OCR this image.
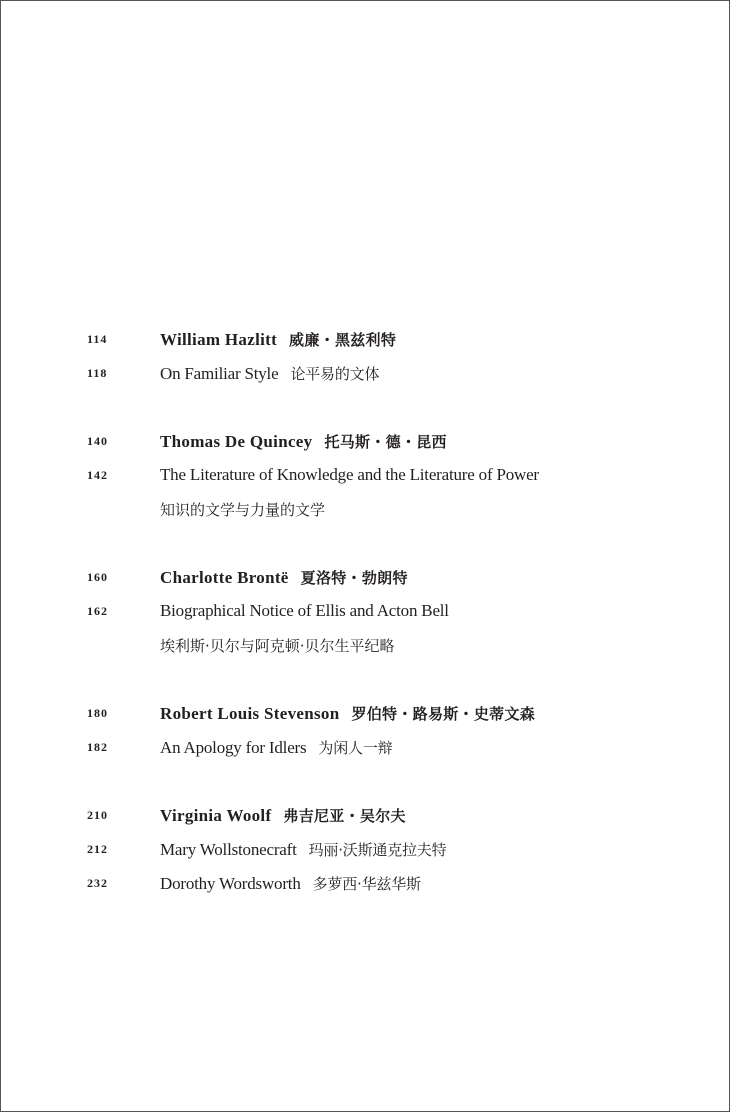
114	William Hazlitt 威廉・黑兹利特
118	On Familiar Style 论平易的文体
140	Thomas De Quincey 托马斯・德・昆西
142	The Literature of Knowledge and the Literature of Power
知识的文学与力量的文学
160	Charlotte Brontë 夏洛特・勃朗特
162	Biographical Notice of Ellis and Acton Bell
埃利斯·贝尔与阿克顿·贝尔生平纪略
180	Robert Louis Stevenson 罗伯特・路易斯・史蒂文森
182	An Apology for Idlers 为闲人一辩
210	Virginia Woolf 弗吉尼亚・吴尔夫
212	Mary Wollstonecraft 玛丽·沃斯通克拉夫特
232	Dorothy Wordsworth 多萝西·华兹华斯
